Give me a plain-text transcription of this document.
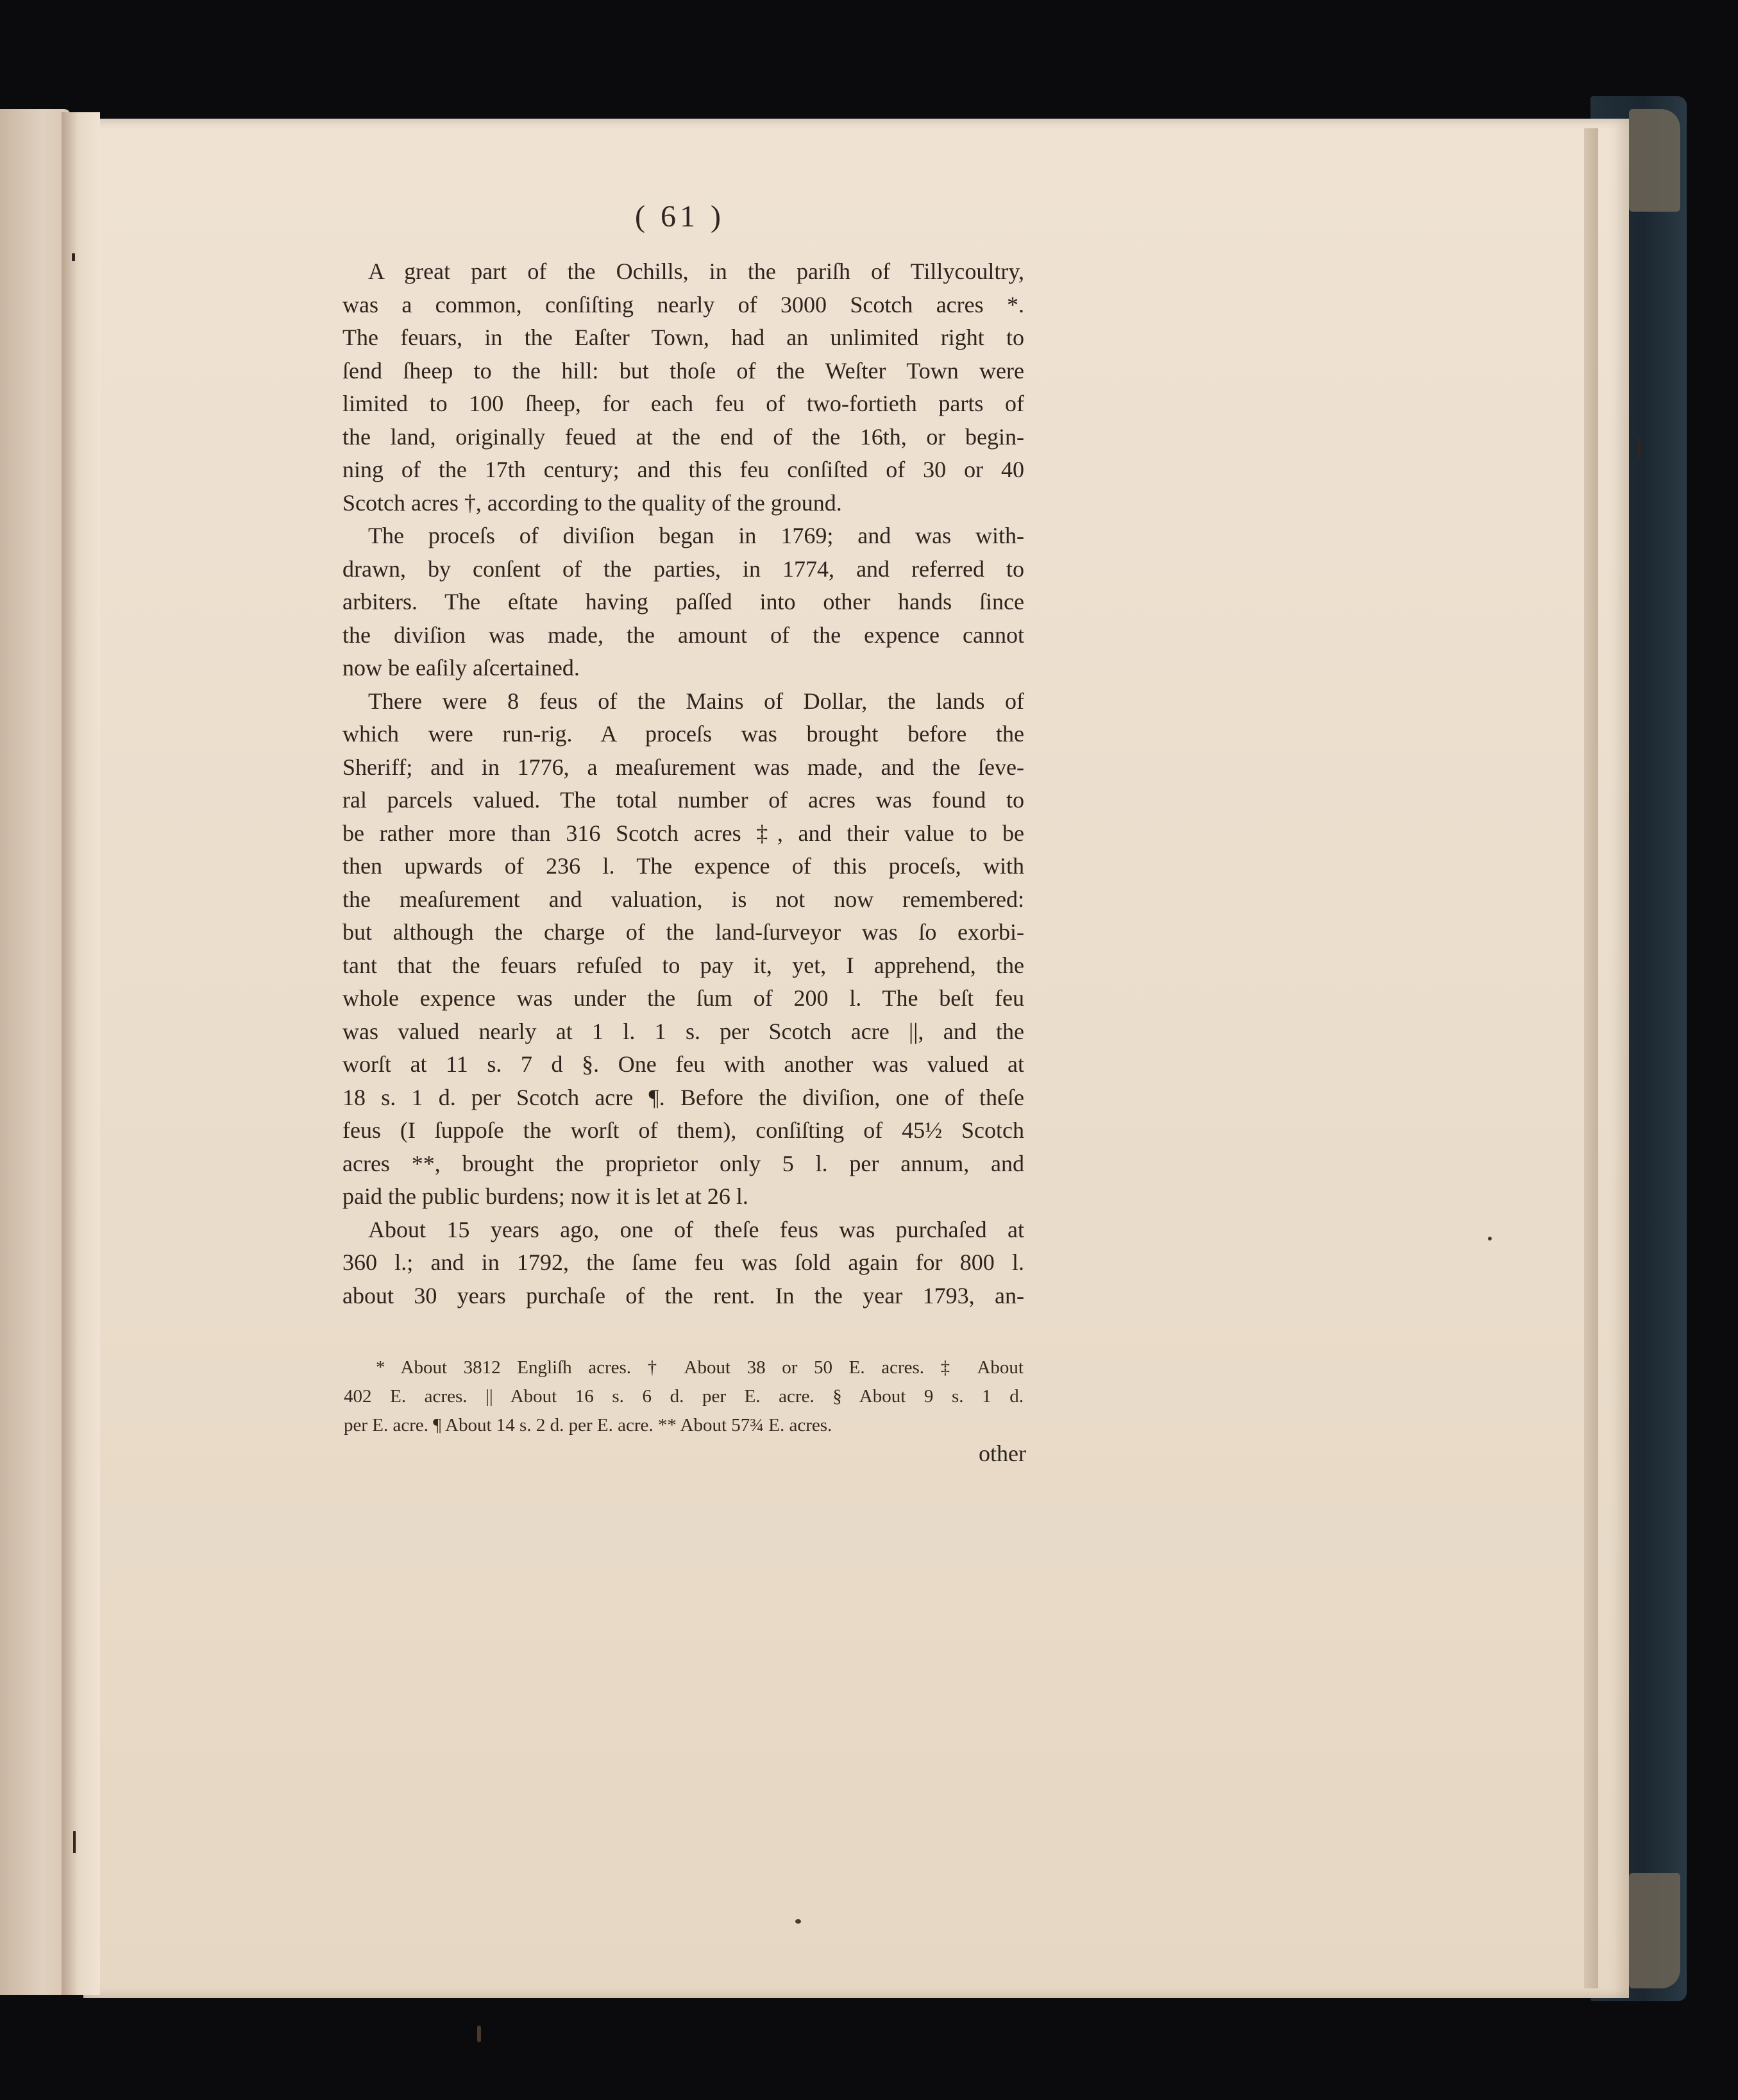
( 61 )

A great part of the Ochills, in the pariſh of Tillycoultry,
was a common, conſiſting nearly of 3000 Scotch acres *.
The feuars, in the Eaſter Town, had an unlimited right to
ſend ſheep to the hill: but thoſe of the Weſter Town were
limited to 100 ſheep, for each feu of two-fortieth parts of
the land, originally feued at the end of the 16th, or begin-
ning of the 17th century; and this feu conſiſted of 30 or 40
Scotch acres †, according to the quality of the ground.

The proceſs of diviſion began in 1769; and was with-
drawn, by conſent of the parties, in 1774, and referred to
arbiters. The eſtate having paſſed into other hands ſince
the diviſion was made, the amount of the expence cannot
now be eaſily aſcertained.

There were 8 feus of the Mains of Dollar, the lands of
which were run-rig. A proceſs was brought before the
Sheriff; and in 1776, a meaſurement was made, and the ſeve-
ral parcels valued. The total number of acres was found to
be rather more than 316 Scotch acres ‡, and their value to be
then upwards of 236 l. The expence of this proceſs, with
the meaſurement and valuation, is not now remembered:
but although the charge of the land-ſurveyor was ſo exorbi-
tant that the feuars refuſed to pay it, yet, I apprehend, the
whole expence was under the ſum of 200 l. The beſt feu
was valued nearly at 1 l. 1 s. per Scotch acre ||, and the
worſt at 11 s. 7 d §. One feu with another was valued at
18 s. 1 d. per Scotch acre ¶. Before the diviſion, one of theſe
feus (I ſuppoſe the worſt of them), conſiſting of 45½ Scotch
acres **, brought the proprietor only 5 l. per annum, and
paid the public burdens; now it is let at 26 l.

About 15 years ago, one of theſe feus was purchaſed at
360 l.; and in 1792, the ſame feu was ſold again for 800 l.
about 30 years purchaſe of the rent. In the year 1793, an-

* About 3812 Engliſh acres. † About 38 or 50 E. acres. ‡ About
402 E. acres. || About 16 s. 6 d. per E. acre. § About 9 s. 1 d.
per E. acre. ¶ About 14 s. 2 d. per E. acre. ** About 57¾ E. acres.
other
